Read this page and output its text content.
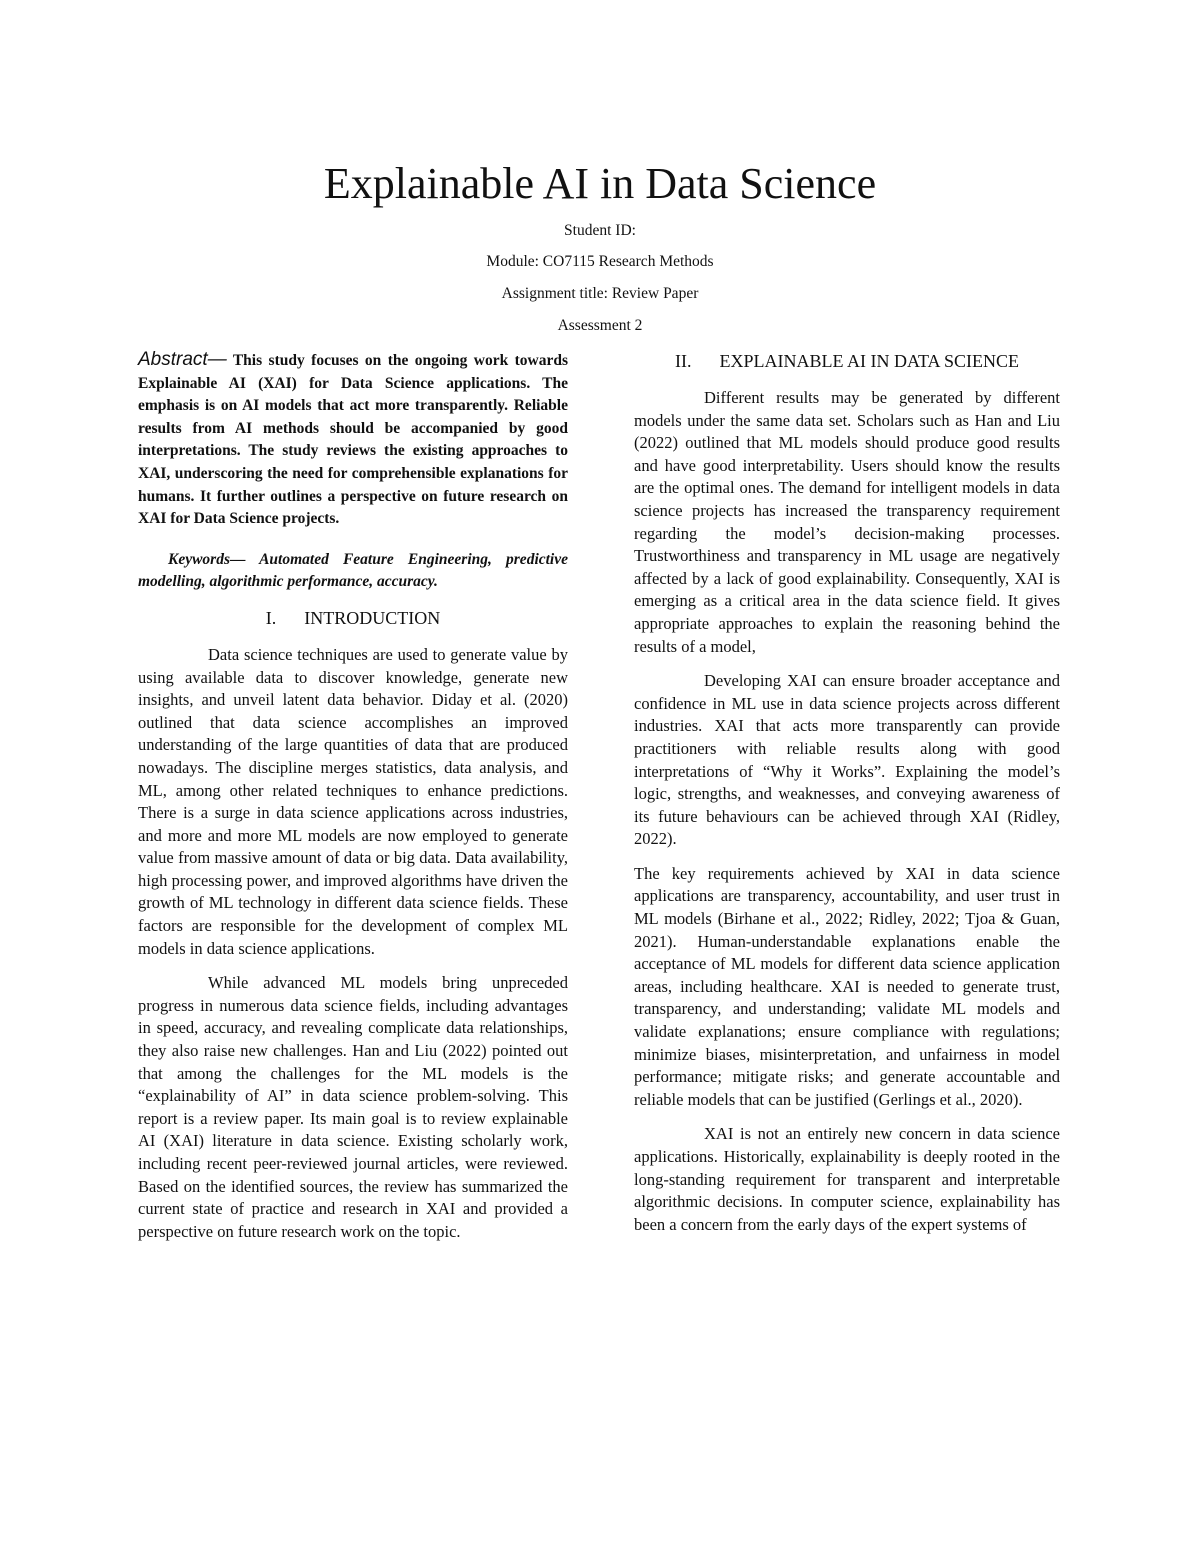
Explainable AI in Data Science
Student ID:
Module: CO7115 Research Methods
Assignment title: Review Paper
Assessment 2

Abstract— This study focuses on the ongoing work towards Explainable AI (XAI) for Data Science applications. The emphasis is on AI models that act more transparently. Reliable results from AI methods should be accompanied by good interpretations. The study reviews the existing approaches to XAI, underscoring the need for comprehensible explanations for humans. It further outlines a perspective on future research on XAI for Data Science projects.

Keywords— Automated Feature Engineering, predictive modelling, algorithmic performance, accuracy.

I. INTRODUCTION

Data science techniques are used to generate value by using available data to discover knowledge, generate new insights, and unveil latent data behavior. Diday et al. (2020) outlined that data science accomplishes an improved understanding of the large quantities of data that are produced nowadays. The discipline merges statistics, data analysis, and ML, among other related techniques to enhance predictions. There is a surge in data science applications across industries, and more and more ML models are now employed to generate value from massive amount of data or big data. Data availability, high processing power, and improved algorithms have driven the growth of ML technology in different data science fields. These factors are responsible for the development of complex ML models in data science applications.

While advanced ML models bring unpreceded progress in numerous data science fields, including advantages in speed, accuracy, and revealing complicate data relationships, they also raise new challenges. Han and Liu (2022) pointed out that among the challenges for the ML models is the “explainability of AI” in data science problem-solving. This report is a review paper. Its main goal is to review explainable AI (XAI) literature in data science. Existing scholarly work, including recent peer-reviewed journal articles, were reviewed. Based on the identified sources, the review has summarized the current state of practice and research in XAI and provided a perspective on future research work on the topic.

II. EXPLAINABLE AI IN DATA SCIENCE

Different results may be generated by different models under the same data set. Scholars such as Han and Liu (2022) outlined that ML models should produce good results and have good interpretability. Users should know the results are the optimal ones. The demand for intelligent models in data science projects has increased the transparency requirement regarding the model’s decision-making processes. Trustworthiness and transparency in ML usage are negatively affected by a lack of good explainability. Consequently, XAI is emerging as a critical area in the data science field. It gives appropriate approaches to explain the reasoning behind the results of a model,

Developing XAI can ensure broader acceptance and confidence in ML use in data science projects across different industries. XAI that acts more transparently can provide practitioners with reliable results along with good interpretations of “Why it Works”. Explaining the model’s logic, strengths, and weaknesses, and conveying awareness of its future behaviours can be achieved through XAI (Ridley, 2022).

The key requirements achieved by XAI in data science applications are transparency, accountability, and user trust in ML models (Birhane et al., 2022; Ridley, 2022; Tjoa & Guan, 2021). Human-understandable explanations enable the acceptance of ML models for different data science application areas, including healthcare. XAI is needed to generate trust, transparency, and understanding; validate ML models and validate explanations; ensure compliance with regulations; minimize biases, misinterpretation, and unfairness in model performance; mitigate risks; and generate accountable and reliable models that can be justified (Gerlings et al., 2020).

XAI is not an entirely new concern in data science applications. Historically, explainability is deeply rooted in the long-standing requirement for transparent and interpretable algorithmic decisions. In computer science, explainability has been a concern from the early days of the expert systems of
